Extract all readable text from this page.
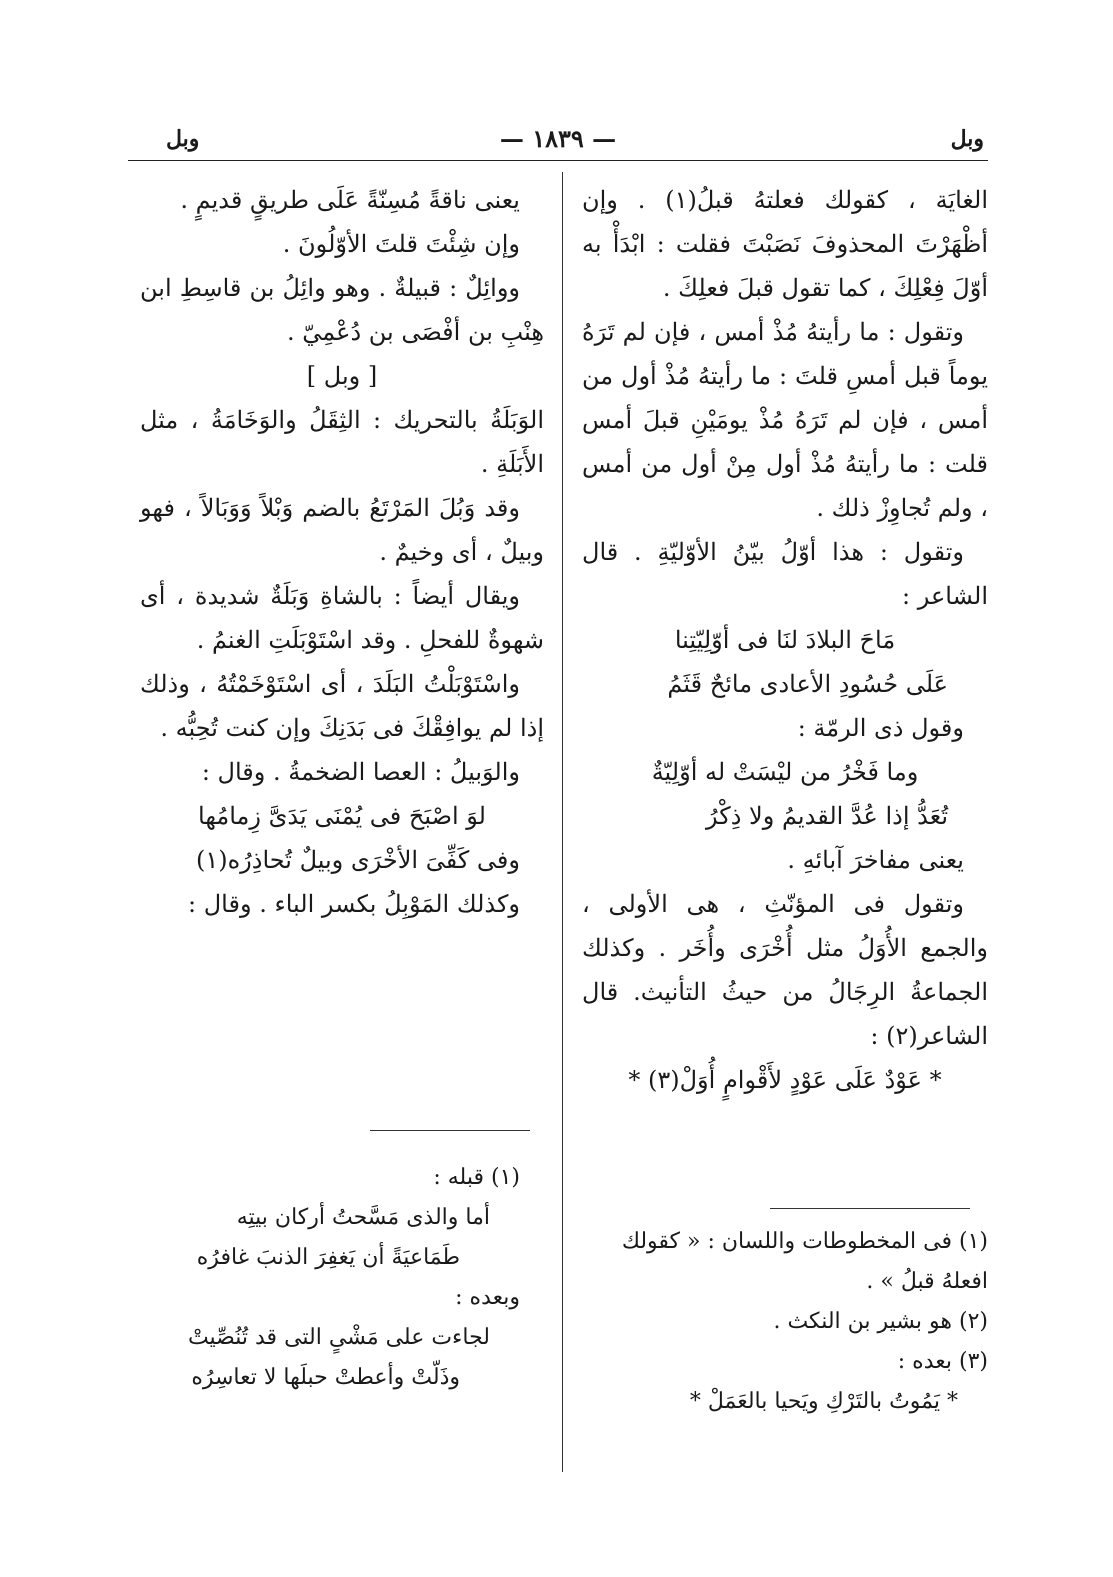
وبل
— ١٨٣٩ —
وبل

الغايَة ، كقولك فعلتهُ قبلُ(١) . وإن أظْهَرْتَ المحذوفَ نَصَبْتَ فقلت : ابْدَأْ به أوّلَ فِعْلِكَ ، كما تقول قبلَ فعلِكَ .

وتقول : ما رأيتهُ مُذْ أمس ، فإن لم تَرَهُ يوماً قبل أمسِ قلتَ : ما رأيتهُ مُذْ أول من أمس ، فإن لم تَرَهُ مُذْ يومَيْنِ قبلَ أمس قلت : ما رأيتهُ مُذْ أول مِنْ أول من أمس ، ولم تُجاوِزْ ذلك .

وتقول : هذا أوّلُ بيّنُ الأوّليّةِ . قال الشاعر :

مَاحَ البلادَ لنَا فى أوّلِيّتِنا

عَلَى حُسُودِ الأعادى مائحٌ قَثَمُ

وقول ذى الرمّة :

وما فَخْرُ من ليْسَتْ له أوّلِيّةٌ

تُعَدُّ إذا عُدَّ القديمُ ولا ذِكْرُ

يعنى مفاخرَ آبائهِ .

وتقول فى المؤنّثِ ، هى الأولى ، والجمع الأُوَلُ مثل أُخْرَى وأُخَر . وكذلك الجماعةُ الرِجَالُ من حيثُ التأنيث. قال الشاعر(٢) :

* عَوْدٌ عَلَى عَوْدٍ لأَقْوامٍ أُوَلْ(٣) *

(١) فى المخطوطات واللسان : « كقولك افعلهُ قبلُ » .

(٢) هو بشير بن النكث .

(٣) بعده :

* يَمُوتُ بالتَرْكِ ويَحيا بالعَمَلْ *

يعنى ناقةً مُسِنّةً عَلَى طريقٍ قديمٍ .

وإن شِئْتَ قلتَ الأوّلُونَ .

ووائِلٌ : قبيلةٌ . وهو وائِلُ بن قاسِطِ ابن هِنْبِ بن أفْصَى بن دُعْمِيّ .

[ وبل ]

الوَبَلَةُ بالتحريك : الثِقَلُ والوَخَامَةُ ، مثل الأَبَلَةِ .

وقد وَبُلَ المَرْتَعُ بالضم وَبْلاً وَوَبَالاً ، فهو وبيلٌ ، أى وخيمٌ .

ويقال أيضاً : بالشاةِ وَبَلَةٌ شديدة ، أى شهوةٌ للفحلِ . وقد اسْتَوْبَلَتِ الغنمُ .

واسْتَوْبَلْتُ البَلَدَ ، أى اسْتَوْخَمْتُهُ ، وذلك إذا لم يوافِقْكَ فى بَدَنِكَ وإن كنت تُحِبُّه .

والوَبيلُ : العصا الضخمةُ . وقال :

لوَ اصْبَحَ فى يُمْنَى يَدَىَّ زِمامُها

وفى كَفِّىَ الأخْرَى وبيلٌ تُحاذِرُه(١)

وكذلك المَوْبِلُ بكسر الباء . وقال :

(١) قبله :

أما والذى مَسَّحتُ أركان بيتِه

طَمَاعيَةً أن يَغفِرَ الذنبَ غافرُه

وبعده :

لجاءت على مَشْىٍ التى قد تُنُصِّيتْ

وذَلّتْ وأعطتْ حبلَها لا تعاسِرُه
